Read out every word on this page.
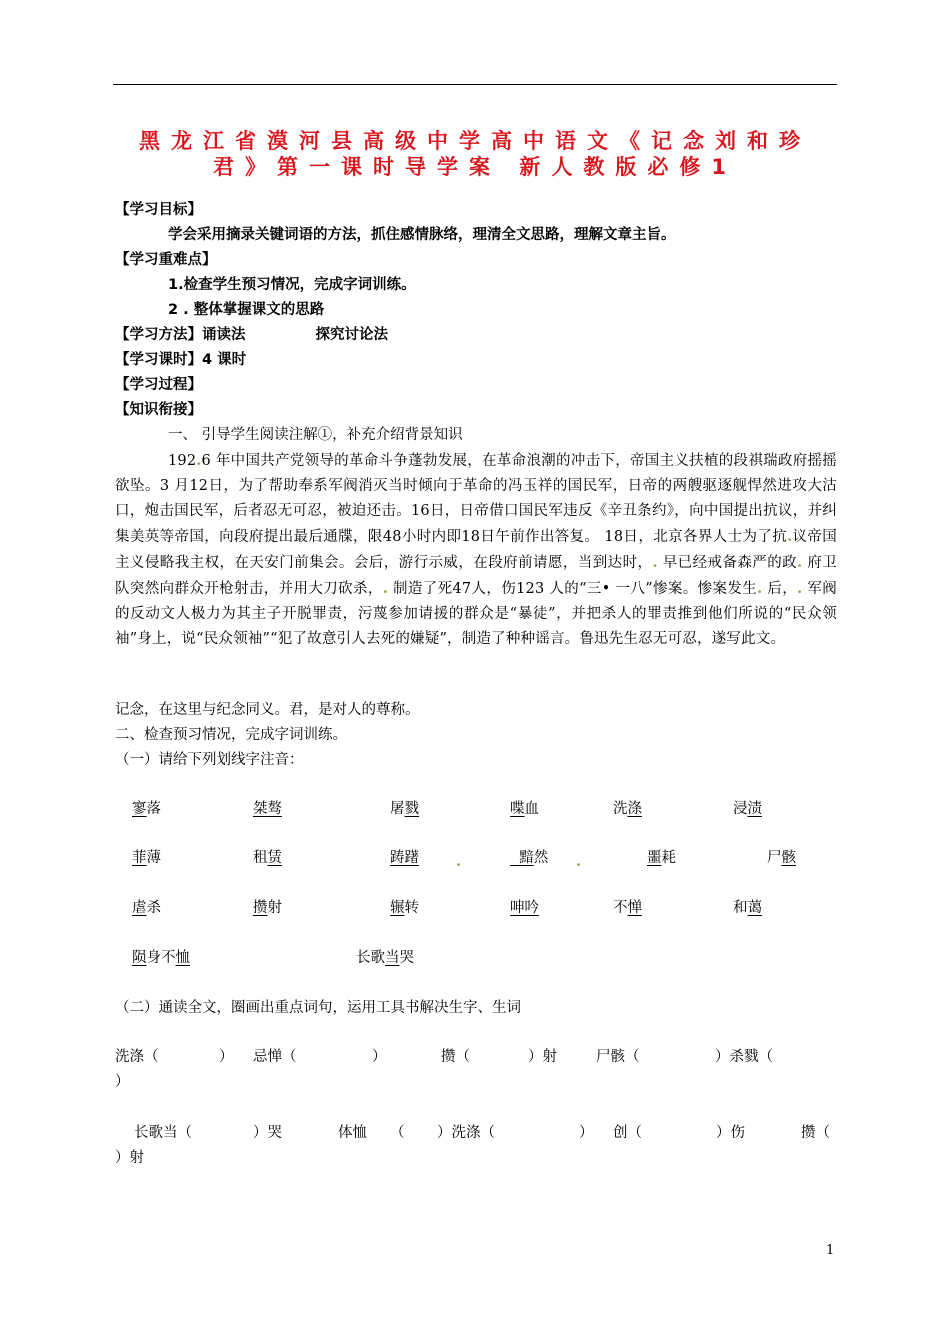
黑龙江省漠河县高级中学高中语文《记念刘和珍
君》第一课时导学案 新人教版必修1
【学习目标】
学会采用摘录关键词语的方法，抓住感情脉络，理清全文思路，理解文章主旨。
【学习重难点】
1.检查学生预习情况，完成字词训练。
2 . 整体掌握课文的思路
【学习方法】诵读法	探究讨论法
【学习课时】4 课时
【学习过程】
【知识衔接】
一、 引导学生阅读注解①，补充介绍背景知识
192.6 年中国共产党领导的革命斗争蓬勃发展，在革命浪潮的冲击下，帝国主义扶植的段祺瑞政府摇摇欲坠。3 月12日，为了帮助奉系军阀消灭当时倾向于革命的冯玉祥的国民军，日帝的两艘驱逐舰悍然进攻大沽口，炮击国民军，后者忍无可忍，被迫还击。16日，日帝借口国民军违反《辛丑条约》，向中国提出抗议，并纠集美英等帝国，向段府提出最后通牒，限48小时内即18日午前作出答复。 18日，北京各界人士为了抗.议帝国主义侵略我主权，在天安门前集会。会后，游行示威，在段府前请愿，当到达时，. 早已经戒备森严的政. 府卫队突然向群众开枪射击，并用大刀砍杀，. 制造了死47人，伤123 人的“三• 一八”惨案。惨案发生. 后，. 军阀的反动文人极力为其主子开脱罪责，污蔑参加请援的群众是“暴徒”，并把杀人的罪责推到他们所说的“民众领袖”身上，说“民众领袖”“犯了故意引人去死的嫌疑”，制造了种种谣言。鲁迅先生忍无可忍，遂写此文。
记念，在这里与纪念同义。君，是对人的尊称。
二、检查预习情况，完成字词训练。
（一）请给下列划线字注音：
寥落	桀骜	屠戮	喋血	洗涤	浸渍
菲薄	租赁	踌躇	.	黯然 .	噩耗	尸骸
虐杀	攒射	辗转	呻吟	不惮	和蔼
陨身不恤	长歌当哭
（二）通读全文，圈画出重点词句，运用工具书解决生字、生词
洗涤（	） 忌惮（	）	攒（	）射	尸骸（	）杀戮（
）
长歌当（	）哭	体恤 （ ）洗涤（	） 创（	）伤	攒（
）射
1
